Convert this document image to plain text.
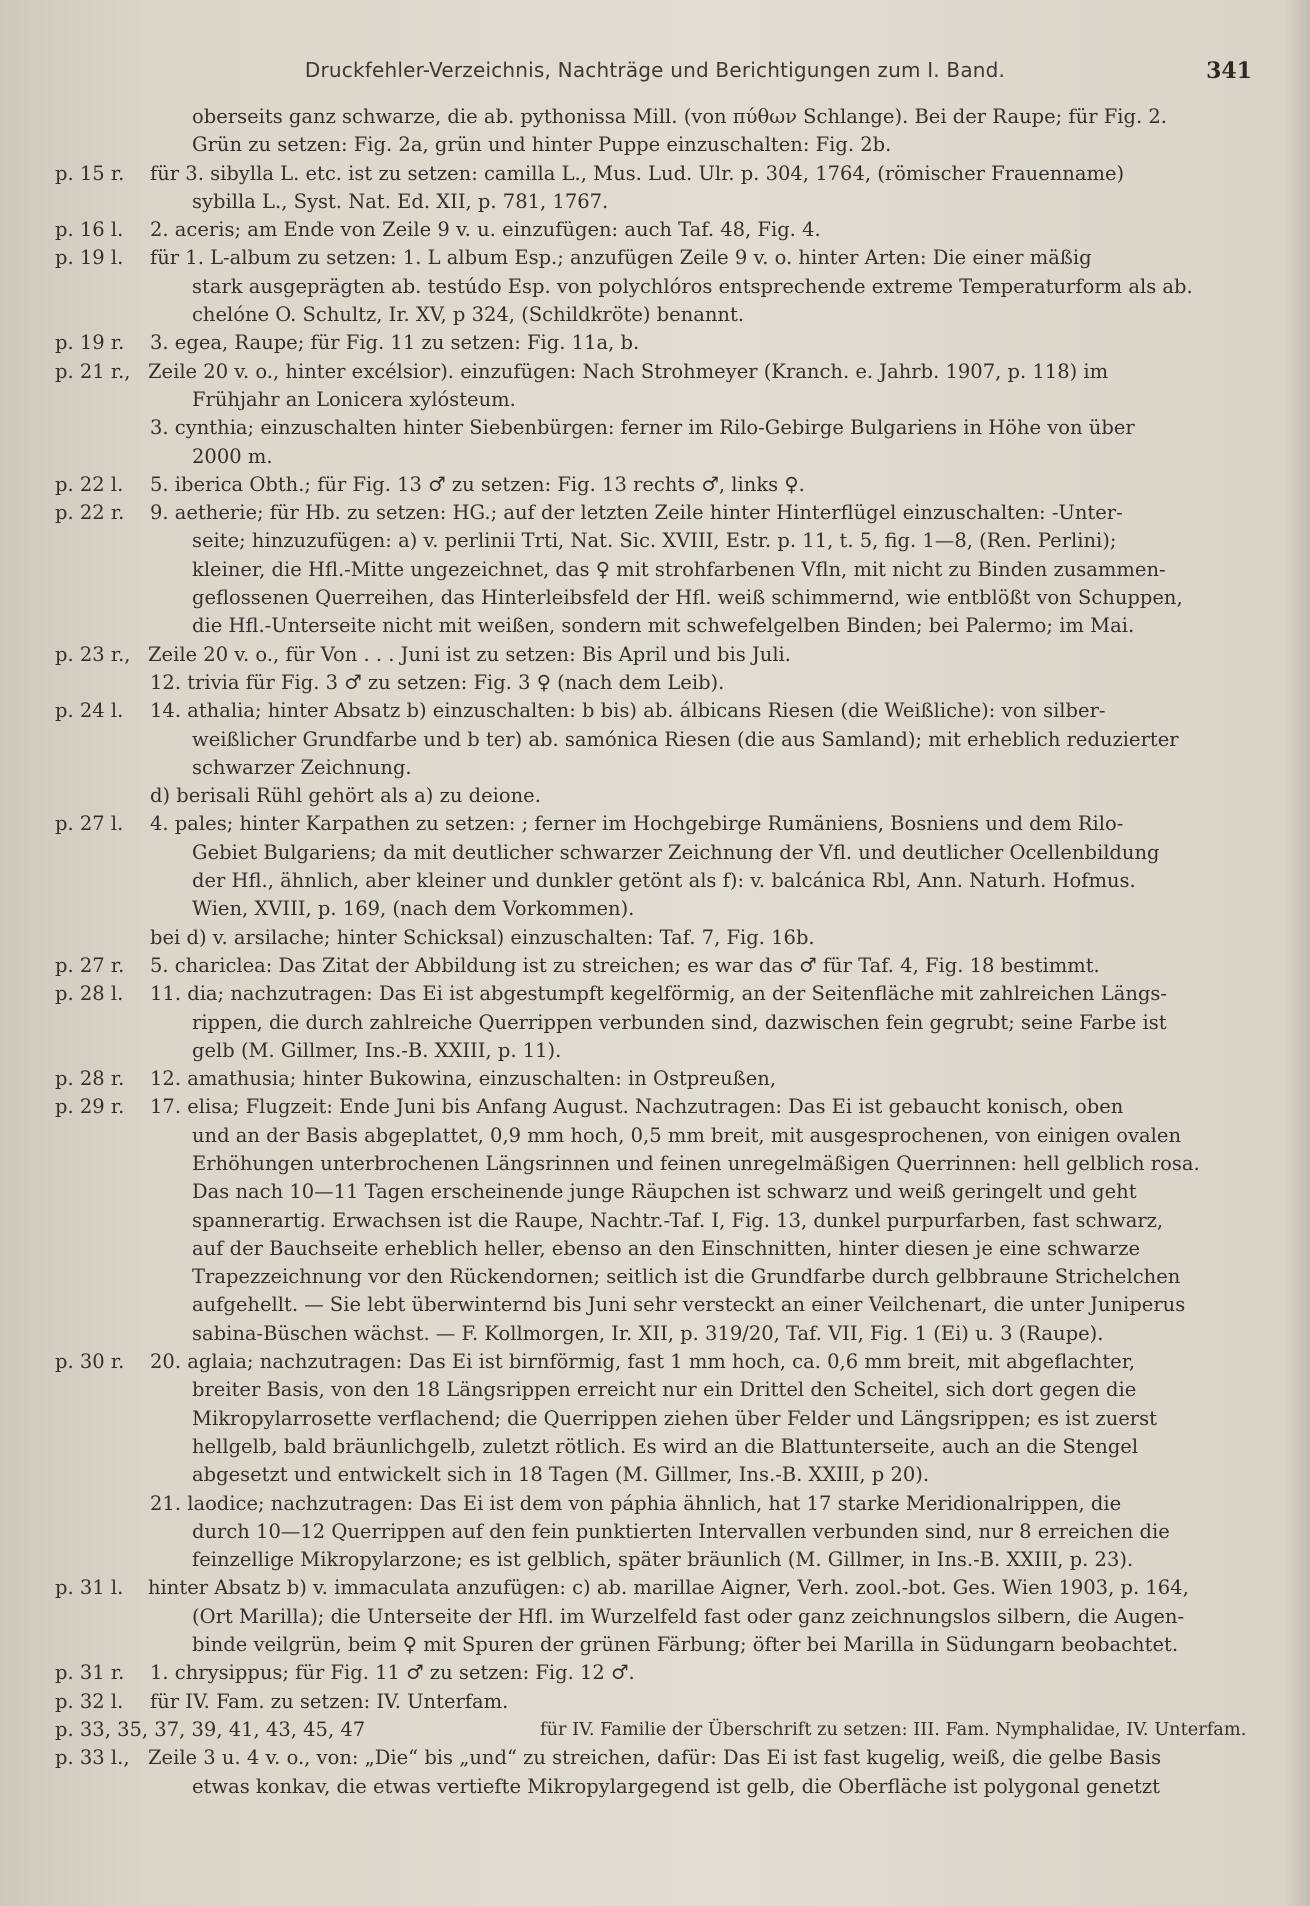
Druckfehler-Verzeichnis, Nachträge und Berichtigungen zum I. Band.	341
oberseits ganz schwarze, die ab. pythonissa Mill. (von πύθων Schlange). Bei der Raupe; für Fig. 2.
Grün zu setzen: Fig. 2a, grün und hinter Puppe einzuschalten: Fig. 2b.
p. 15 r. für 3. sibylla L. etc. ist zu setzen: camilla L., Mus. Lud. Ulr. p. 304, 1764, (römischer Frauenname)
sybilla L., Syst. Nat. Ed. XII, p. 781, 1767.
p. 16 l. 2. aceris; am Ende von Zeile 9 v. u. einzufügen: auch Taf. 48, Fig. 4.
p. 19 l. für 1. L-album zu setzen: 1. L album Esp.; anzufügen Zeile 9 v. o. hinter Arten: Die einer mäßig
stark ausgeprägten ab. testúdo Esp. von polychlóros entsprechende extreme Temperaturform als ab.
chelóne O. Schultz, Ir. XV, p 324, (Schildkröte) benannt.
p. 19 r. 3. egea, Raupe; für Fig. 11 zu setzen: Fig. 11a, b.
p. 21 r., Zeile 20 v. o., hinter excélsior). einzufügen: Nach Strohmeyer (Kranch. e. Jahrb. 1907, p. 118) im
Frühjahr an Lonicera xylósteum.
3. cynthia; einzuschalten hinter Siebenbürgen: ferner im Rilo-Gebirge Bulgariens in Höhe von über
2000 m.
p. 22 l. 5. iberica Obth.; für Fig. 13 ♂ zu setzen: Fig. 13 rechts ♂, links ♀.
p. 22 r. 9. aetherie; für Hb. zu setzen: HG.; auf der letzten Zeile hinter Hinterflügel einzuschalten: -Unter-
seite; hinzuzufügen: a) v. perlinii Trti, Nat. Sic. XVIII, Estr. p. 11, t. 5, fig. 1—8, (Ren. Perlini);
kleiner, die Hfl.-Mitte ungezeichnet, das ♀ mit strohfarbenen Vfln, mit nicht zu Binden zusammen-
geflossenen Querreihen, das Hinterleibsfeld der Hfl. weiß schimmernd, wie entblößt von Schuppen,
die Hfl.-Unterseite nicht mit weißen, sondern mit schwefelgelben Binden; bei Palermo; im Mai.
p. 23 r., Zeile 20 v. o., für Von . . . Juni ist zu setzen: Bis April und bis Juli.
12. trivia für Fig. 3 ♂ zu setzen: Fig. 3 ♀ (nach dem Leib).
p. 24 l. 14. athalia; hinter Absatz b) einzuschalten: b bis) ab. álbicans Riesen (die Weißliche): von silber-
weißlicher Grundfarbe und b ter) ab. samónica Riesen (die aus Samland); mit erheblich reduzierter
schwarzer Zeichnung.
d) berisali Rühl gehört als a) zu deione.
p. 27 l. 4. pales; hinter Karpathen zu setzen: ; ferner im Hochgebirge Rumäniens, Bosniens und dem Rilo-
Gebiet Bulgariens; da mit deutlicher schwarzer Zeichnung der Vfl. und deutlicher Ocellenbildung
der Hfl., ähnlich, aber kleiner und dunkler getönt als f): v. balcánica Rbl, Ann. Naturh. Hofmus.
Wien, XVIII, p. 169, (nach dem Vorkommen).
bei d) v. arsilache; hinter Schicksal) einzuschalten: Taf. 7, Fig. 16b.
p. 27 r. 5. chariclea: Das Zitat der Abbildung ist zu streichen; es war das ♂ für Taf. 4, Fig. 18 bestimmt.
p. 28 l. 11. dia; nachzutragen: Das Ei ist abgestumpft kegelförmig, an der Seitenfläche mit zahlreichen Längs-
rippen, die durch zahlreiche Querrippen verbunden sind, dazwischen fein gegrubt; seine Farbe ist
gelb (M. Gillmer, Ins.-B. XXIII, p. 11).
p. 28 r. 12. amathusia; hinter Bukowina, einzuschalten: in Ostpreußen,
p. 29 r. 17. elisa; Flugzeit: Ende Juni bis Anfang August. Nachzutragen: Das Ei ist gebaucht konisch, oben
und an der Basis abgeplattet, 0,9 mm hoch, 0,5 mm breit, mit ausgesprochenen, von einigen ovalen
Erhöhungen unterbrochenen Längsrinnen und feinen unregelmäßigen Querrinnen: hell gelblich rosa.
Das nach 10—11 Tagen erscheinende junge Räupchen ist schwarz und weiß geringelt und geht
spannerartig. Erwachsen ist die Raupe, Nachtr.-Taf. I, Fig. 13, dunkel purpurfarben, fast schwarz,
auf der Bauchseite erheblich heller, ebenso an den Einschnitten, hinter diesen je eine schwarze
Trapezzeichnung vor den Rückendornen; seitlich ist die Grundfarbe durch gelbbraune Strichelchen
aufgehellt. — Sie lebt überwinternd bis Juni sehr versteckt an einer Veilchenart, die unter Juniperus
sabina-Büschen wächst. — F. Kollmorgen, Ir. XII, p. 319/20, Taf. VII, Fig. 1 (Ei) u. 3 (Raupe).
p. 30 r. 20. aglaia; nachzutragen: Das Ei ist birnförmig, fast 1 mm hoch, ca. 0,6 mm breit, mit abgeflachter,
breiter Basis, von den 18 Längsrippen erreicht nur ein Drittel den Scheitel, sich dort gegen die
Mikropylarrosette verflachend; die Querrippen ziehen über Felder und Längsrippen; es ist zuerst
hellgelb, bald bräunlichgelb, zuletzt rötlich. Es wird an die Blattunterseite, auch an die Stengel
abgesetzt und entwickelt sich in 18 Tagen (M. Gillmer, Ins.-B. XXIII, p 20).
21. laodice; nachzutragen: Das Ei ist dem von páphia ähnlich, hat 17 starke Meridionalrippen, die
durch 10—12 Querrippen auf den fein punktierten Intervallen verbunden sind, nur 8 erreichen die
feinzellige Mikropylarzone; es ist gelblich, später bräunlich (M. Gillmer, in Ins.-B. XXIII, p. 23).
p. 31 l. hinter Absatz b) v. immaculata anzufügen: c) ab. marillae Aigner, Verh. zool.-bot. Ges. Wien 1903, p. 164,
(Ort Marilla); die Unterseite der Hfl. im Wurzelfeld fast oder ganz zeichnungslos silbern, die Augen-
binde veilgrün, beim ♀ mit Spuren der grünen Färbung; öfter bei Marilla in Südungarn beobachtet.
p. 31 r. 1. chrysippus; für Fig. 11 ♂ zu setzen: Fig. 12 ♂.
p. 32 l. für IV. Fam. zu setzen: IV. Unterfam.
p. 33, 35, 37, 39, 41, 43, 45, 47	für IV. Familie der Überschrift zu setzen: III. Fam. Nymphalidae, IV. Unterfam.
p. 33 l., Zeile 3 u. 4 v. o., von: „Die“ bis „und“ zu streichen, dafür: Das Ei ist fast kugelig, weiß, die gelbe Basis
etwas konkav, die etwas vertiefte Mikropylargegend ist gelb, die Oberfläche ist polygonal genetzt
